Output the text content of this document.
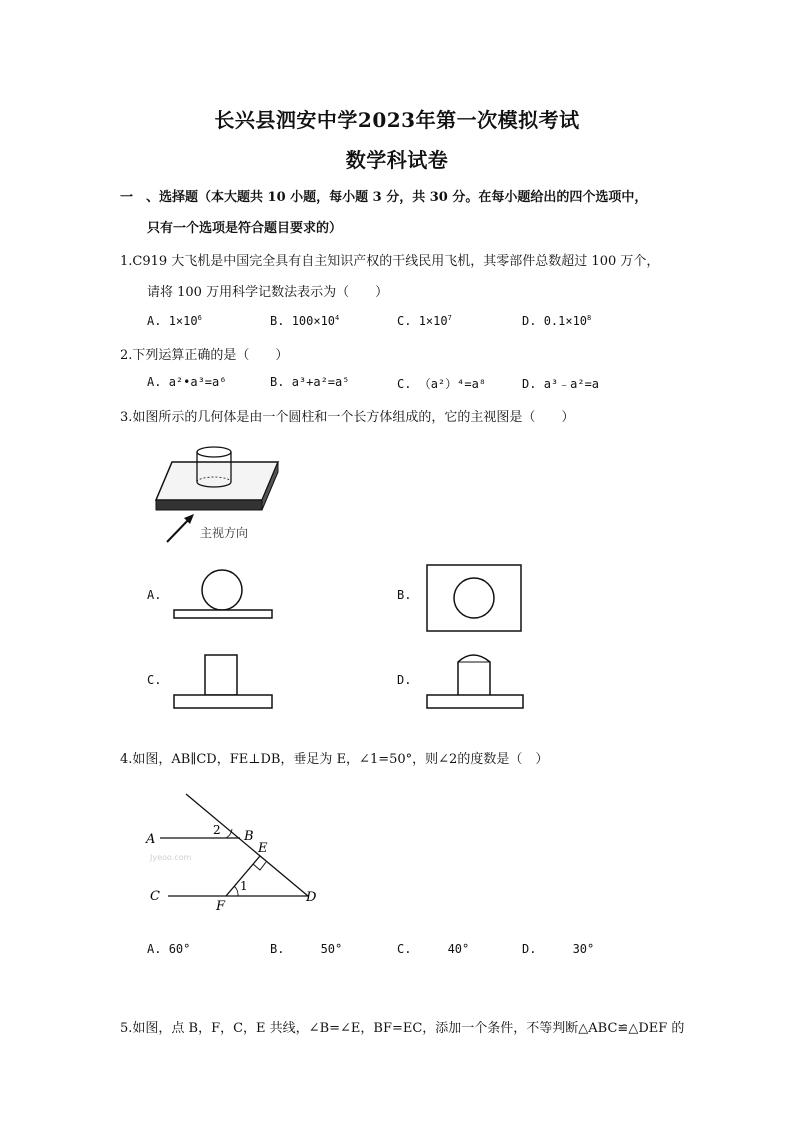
长兴县泗安中学2023年第一次模拟考试
数学科试卷
一　、选择题（本大题共 10 小题，每小题 3 分，共 30 分。在每小题给出的四个选项中，
只有一个选项是符合题目要求的）
1.C919 大飞机是中国完全具有自主知识产权的干线民用飞机，其零部件总数超过 100 万个，
请将 100 万用科学记数法表示为（　　）
A. $1\times 10^6$	B. $100\times 10^4$	C. $1\times 10^7$	D. $0.1\times 10^8$
2.下列运算正确的是（　　）
A. a²•a³=a⁶	B. a³+a²=a⁵	C. （a²）⁴=a⁸	D. a³﹣a²=a
3.如图所示的几何体是由一个圆柱和一个长方体组成的，它的主视图是（　　）
主视方向
A.	B.
C.	D.
4.如图，AB∥CD，FE⊥DB，垂足为 E，∠1=50°，则∠2的度数是（　）
A	B
E
C	D
F
2
1
Jyeoo.com
A. 60°	B.	50°	C.	40°	D.	30°
5.如图，点 B，F，C，E 共线，∠B=∠E，BF=EC，添加一个条件，不等判断△ABC≌△DEF 的
